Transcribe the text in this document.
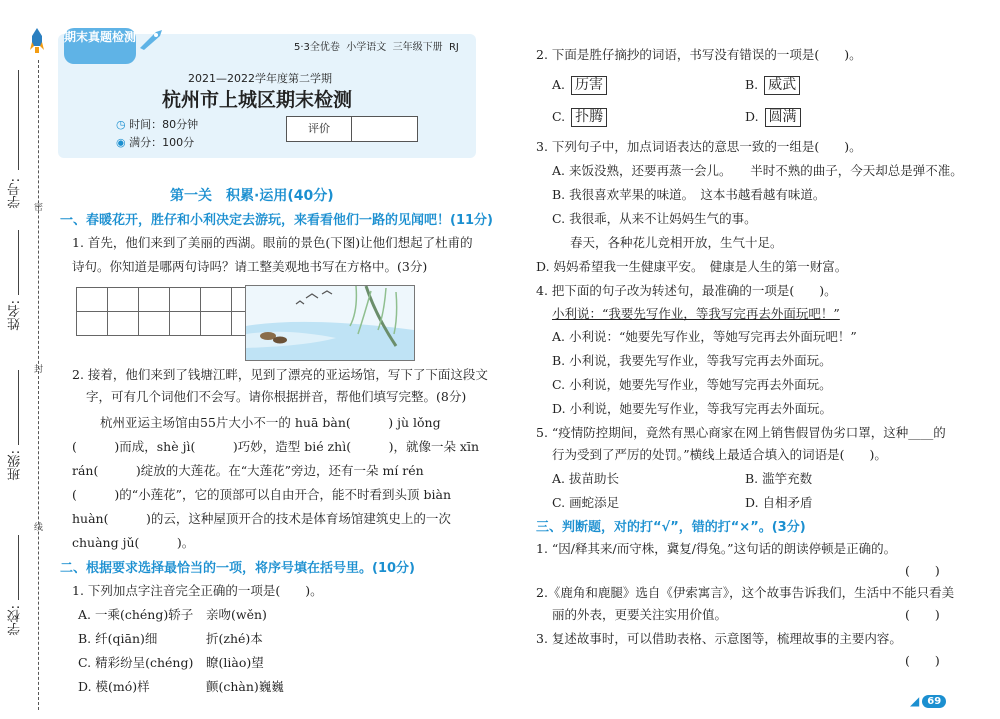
学号: 密
姓名:
封
班级:
线
学校:
期末真题检测
5·3全优卷 小学语文 三年级下册 RJ
2021—2022学年度第二学期
杭州市上城区期末检测
◷ 时间：80分钟
◉ 满分：100分
评价
第一关　积累·运用(40分)
一、春暖花开，胜仔和小利决定去游玩，来看看他们一路的见闻吧！(11分)
1. 首先，他们来到了美丽的西湖。眼前的景色(下图)让他们想起了杜甫的
诗句。你知道是哪两句诗吗？请工整美观地书写在方格中。(3分)

2. 接着，他们来到了钱塘江畔，见到了漂亮的亚运场馆，写下了下面这段文
字，可有几个词他们不会写。请你根据拼音，帮他们填写完整。(8分)
杭州亚运主场馆由55片大小不一的 huā bàn(　　　) jù lǒng
(　　　)而成，shè jì(　　　)巧妙，造型 bié zhì(　　　)，就像一朵 xīn
rán(　　　)绽放的大莲花。在“大莲花”旁边，还有一朵 mí rén
(　　　)的“小莲花”，它的顶部可以自由开合，能不时看到头顶 biàn
huàn(　　　)的云，这种屋顶开合的技术是体育场馆建筑史上的一次
chuàng jǔ(　　　)。
二、根据要求选择最恰当的一项，将序号填在括号里。(10分)
1. 下列加点字注音完全正确的一项是(　　)。
A. 一乘(chéng)轿子 亲吻(wěn)
B. 纤(qiān)细	折(zhé)本
C. 精彩纷呈(chéng) 瞭(liào)望
D. 模(mó)样	颤(chàn)巍巍
2. 下面是胜仔摘抄的词语，书写没有错误的一项是(　　)。
A. 历害	B. 威武
C. 扑腾	D. 圆满
3. 下列句子中，加点词语表达的意思一致的一组是(　　)。
A. 来饭没熟，还要再蒸一会儿。　　半时不熟的曲子，今天却总是弹不准。
B. 我很喜欢苹果的味道。　这本书越看越有味道。
C. 我很乖，从来不让妈妈生气的事。
春天，各种花儿竞相开放，生气十足。
D. 妈妈希望我一生健康平安。　健康是人生的第一财富。
4. 把下面的句子改为转述句，最准确的一项是(　　)。
小利说：“我要先写作业，等我写完再去外面玩吧！”
A. 小利说：“她要先写作业，等她写完再去外面玩吧！”
B. 小利说，我要先写作业，等我写完再去外面玩。
C. 小利说，她要先写作业，等她写完再去外面玩。
D. 小利说，她要先写作业，等我写完再去外面玩。
5. “疫情防控期间，竟然有黑心商家在网上销售假冒伪劣口罩，这种____的
行为受到了严厉的处罚。”横线上最适合填入的词语是(　　)。
A. 拔苗助长	B. 滥竽充数
C. 画蛇添足	D. 自相矛盾
三、判断题，对的打“√”，错的打“×”。(3分)
1. “因/释其来/而守株，冀复/得兔。”这句话的朗读停顿是正确的。
(　　)
2.《鹿角和鹿腿》选自《伊索寓言》，这个故事告诉我们，生活中不能只看美
丽的外表，更要关注实用价值。	(　　)
3. 复述故事时，可以借助表格、示意图等，梳理故事的主要内容。
(　　)
◢ 69
